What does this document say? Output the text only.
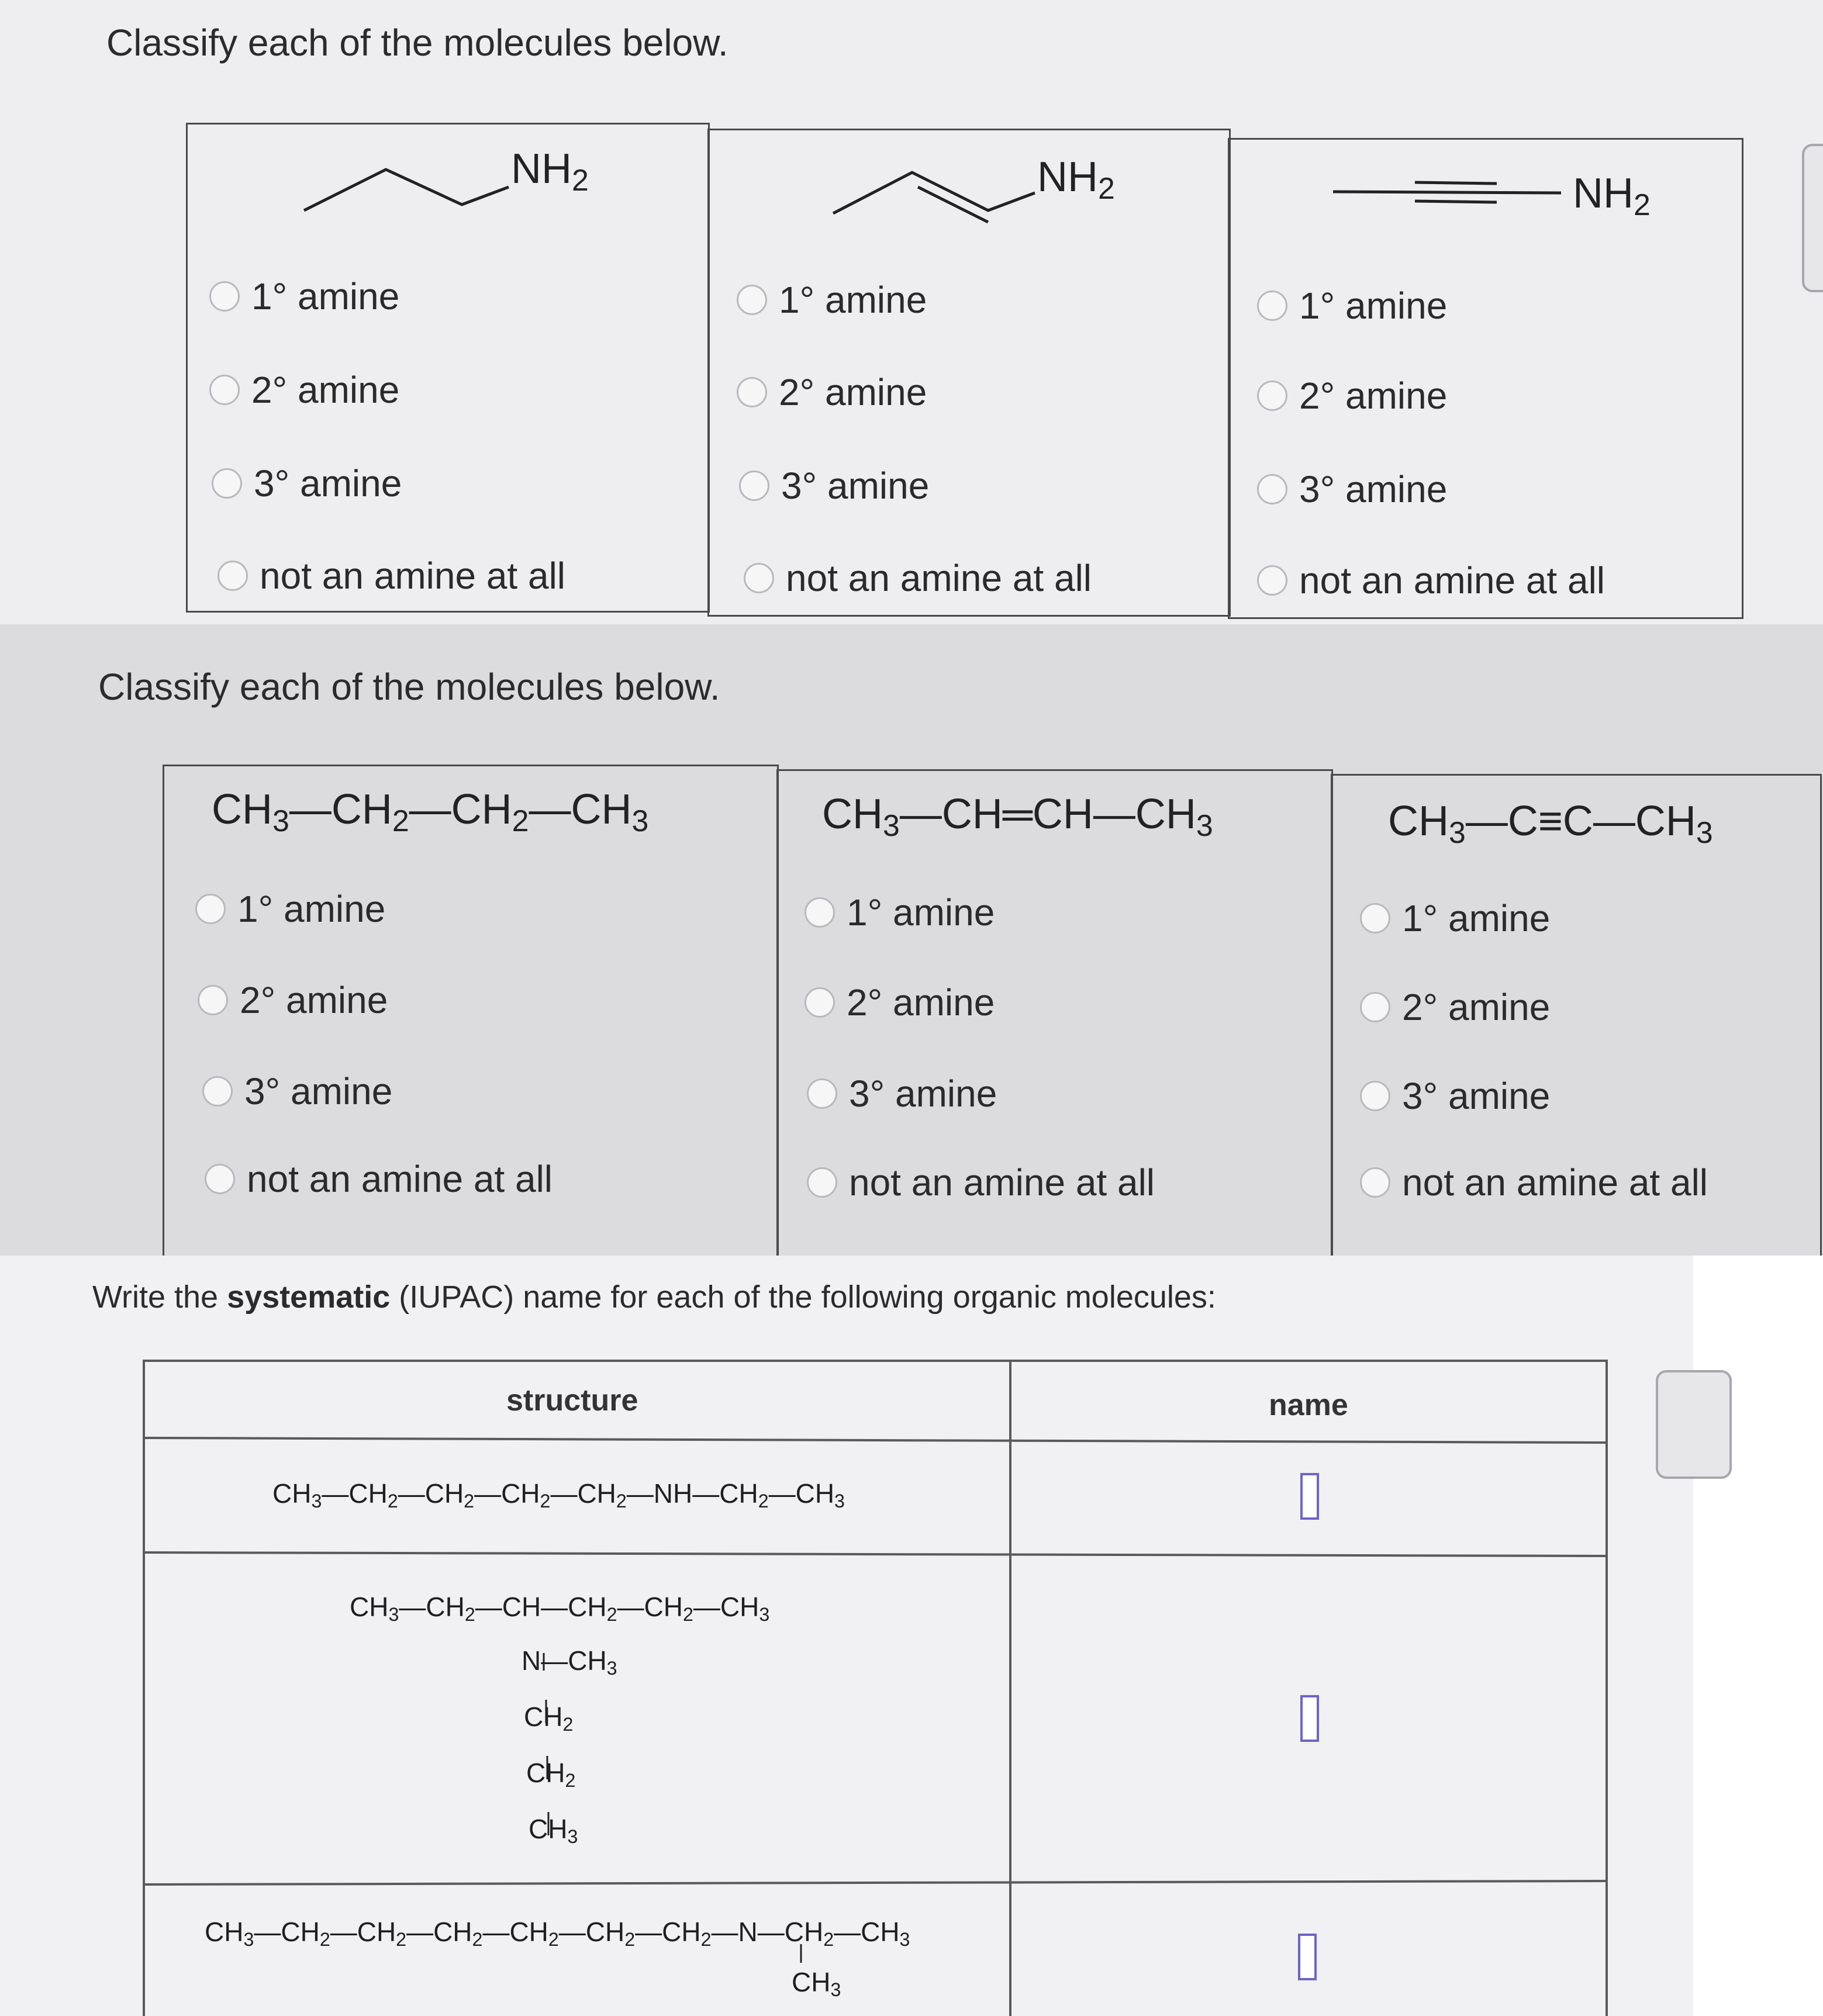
Classify each of the molecules below.
$NH_2$	$NH_2$	$NH_2$
1° amine
2° amine
3° amine
not an amine at all
1° amine
2° amine
3° amine
not an amine at all
1° amine
2° amine
3° amine
not an amine at all
Classify each of the molecules below.
$CH_3—CH_2—CH_2—CH_3$	$CH_3—CH═CH—CH_3$	$CH_3—C\equiv C—CH_3$
1° amine
2° amine
3° amine
not an amine at all
1° amine
2° amine
3° amine
not an amine at all
1° amine
2° amine
3° amine
not an amine at all
Write the systematic (IUPAC) name for each of the following organic molecules:
structure	name
$CH_3—CH_2—CH_2—CH_2—CH_2—NH—CH_2—CH_3$
$CH_3—CH_2—CH—CH_2—CH_2—CH_3$
$N—CH_3$
$CH_2$
$CH_2$
$CH_3$
$CH_3—CH_2—CH_2—CH_2—CH_2—CH_2—CH_2—N—CH_2—CH_3$
$CH_3$
